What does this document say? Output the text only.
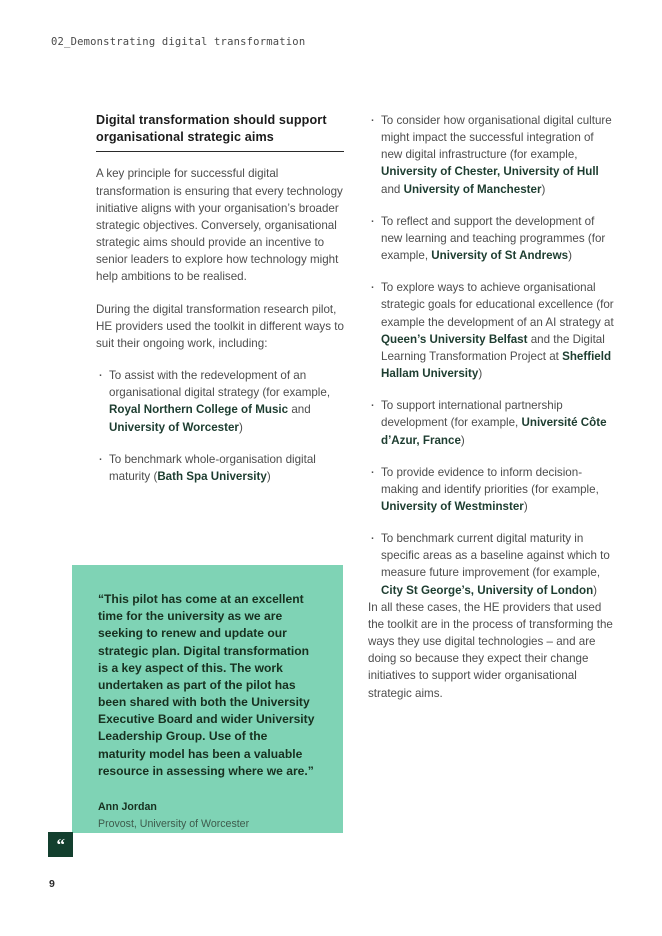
02_Demonstrating digital transformation
Digital transformation should support organisational strategic aims

A key principle for successful digital transformation is ensuring that every technology initiative aligns with your organisation’s broader strategic objectives. Conversely, organisational strategic aims should provide an incentive to senior leaders to explore how technology might help ambitions to be realised.

During the digital transformation research pilot, HE providers used the toolkit in different ways to suit their ongoing work, including:

· To assist with the redevelopment of an organisational digital strategy (for example, Royal Northern College of Music and University of Worcester)
· To benchmark whole-organisation digital maturity (Bath Spa University)
· To consider how organisational digital culture might impact the successful integration of new digital infrastructure (for example, University of Chester, University of Hull and University of Manchester)
· To reflect and support the development of new learning and teaching programmes (for example, University of St Andrews)
· To explore ways to achieve organisational strategic goals for educational excellence (for example the development of an AI strategy at Queen’s University Belfast and the Digital Learning Transformation Project at Sheffield Hallam University)
· To support international partnership development (for example, Université Côte d’Azur, France)
· To provide evidence to inform decision-making and identify priorities (for example, University of Westminster)
· To benchmark current digital maturity in specific areas as a baseline against which to measure future improvement (for example, City St George’s, University of London)

In all these cases, the HE providers that used the toolkit are in the process of transforming the ways they use digital technologies – and are doing so because they expect their change initiatives to support wider organisational strategic aims.

“This pilot has come at an excellent time for the university as we are seeking to renew and update our strategic plan. Digital transformation is a key aspect of this. The work undertaken as part of the pilot has been shared with both the University Executive Board and wider University Leadership Group. Use of the maturity model has been a valuable resource in assessing where we are.”

Ann Jordan

Provost, University of Worcester

“
9
